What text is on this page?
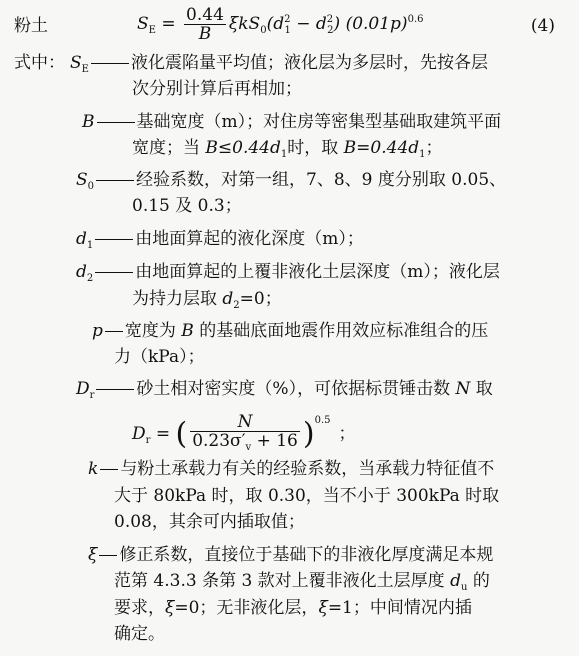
粉土	$S_E = \frac{0.44}{B} \xi kS_0(d^2_1 - d^2_2)$ $(0.01p)^{0.6}$	(4)
式中： $S_E$ 液化震陷量平均值；液化层为多层时，先按各层
次分别计算后再相加；
B 基础宽度（m）；对住房等密集型基础取建筑平面
宽度；当 $B\le 0.44d_1$时，取 $B=0.44d_1$；
$S_0$ 经验系数，对第一组，7、8、9 度分别取 0.05、
0.15 及 0.3；
$d_1$ 由地面算起的液化深度（m）；
$d_2$ 由地面算起的上覆非液化土层深度（m）；液化层
为持力层取 $d_2=0$；
p 宽度为 B 的基础底面地震作用效应标准组合的压
力（kPa）；
$D_r$ 砂土相对密实度（%），可依据标贯锤击数 N 取
$D_r$ = ( $\frac{N}{0.23\sigma'_v + 16} )^{0.5}$；
k 与粉土承载力有关的经验系数，当承载力特征值不
大于 80kPa 时，取 0.30，当不小于 300kPa 时取
0.08，其余可内插取值；
ξ 修正系数，直接位于基础下的非液化厚度满足本规
范第 4.3.3 条第 3 款对上覆非液化土层厚度 $d_u$ 的
要求，ξ=0；无非液化层，ξ=1；中间情况内插
确定。
